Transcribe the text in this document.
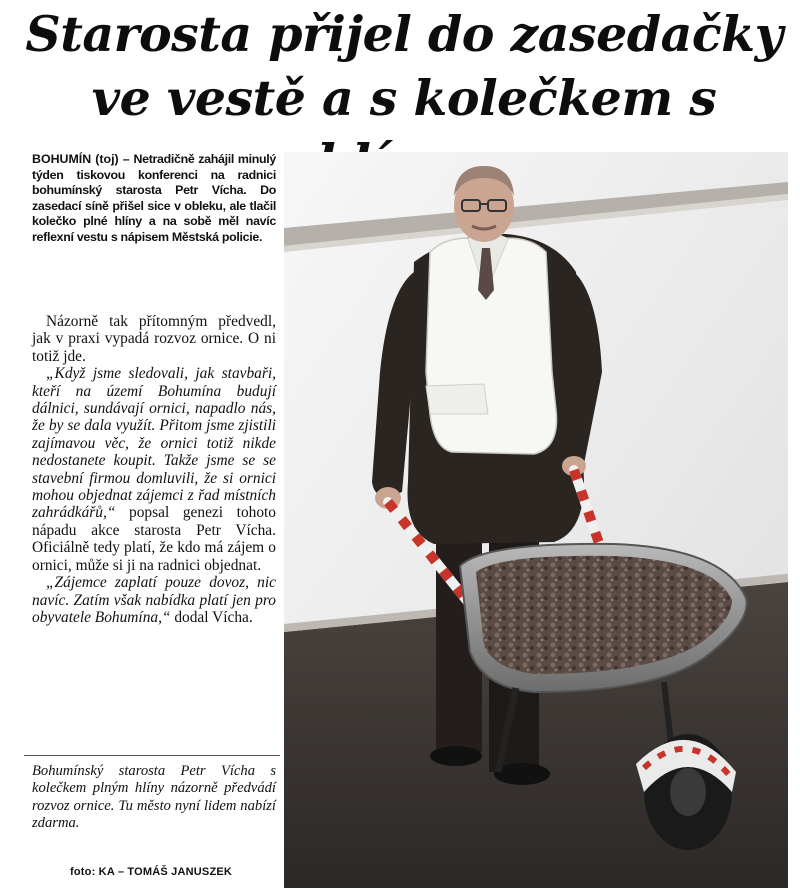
Starosta přijel do zasedačky
ve vestě a s kolečkem s

BOHUMÍN (toj) – Netradičně zahájil minulý týden tiskovou konferenci na radnici bohumínský starosta Petr Vícha. Do zasedací síně přišel sice v obleku, ale tlačil kolečko plné hlíny a na sobě měl navíc reflexní vestu s nápisem Městská policie.

Názorně tak přítomným předvedl, jak v praxi vypadá rozvoz ornice. O ni totiž jde.

„Když jsme sledovali, jak stavbaři, kteří na území Bohumína budují dálnici, sundávají ornici, napadlo nás, že by se dala využít. Přitom jsme zjistili zajímavou věc, že ornici totiž nikde nedostanete koupit. Takže jsme se se stavební firmou domluvili, že si ornici mohou objednat zájemci z řad místních zahrádkářů,“ popsal genezi tohoto nápadu akce starosta Petr Vícha. Oficiálně tedy platí, že kdo má zájem o ornici, může si ji na radnici objednat.

„Zájemce zaplatí pouze dovoz, nic navíc. Zatím však nabídka platí jen pro obyvatele Bohumína,“ dodal Vícha.

Bohumínský starosta Petr Vícha s kolečkem plným hlíny názorně předvádí rozvoz ornice. Tu město nyní lidem nabízí zdarma.

foto: KA – TOMÁŠ JANUSZEK
